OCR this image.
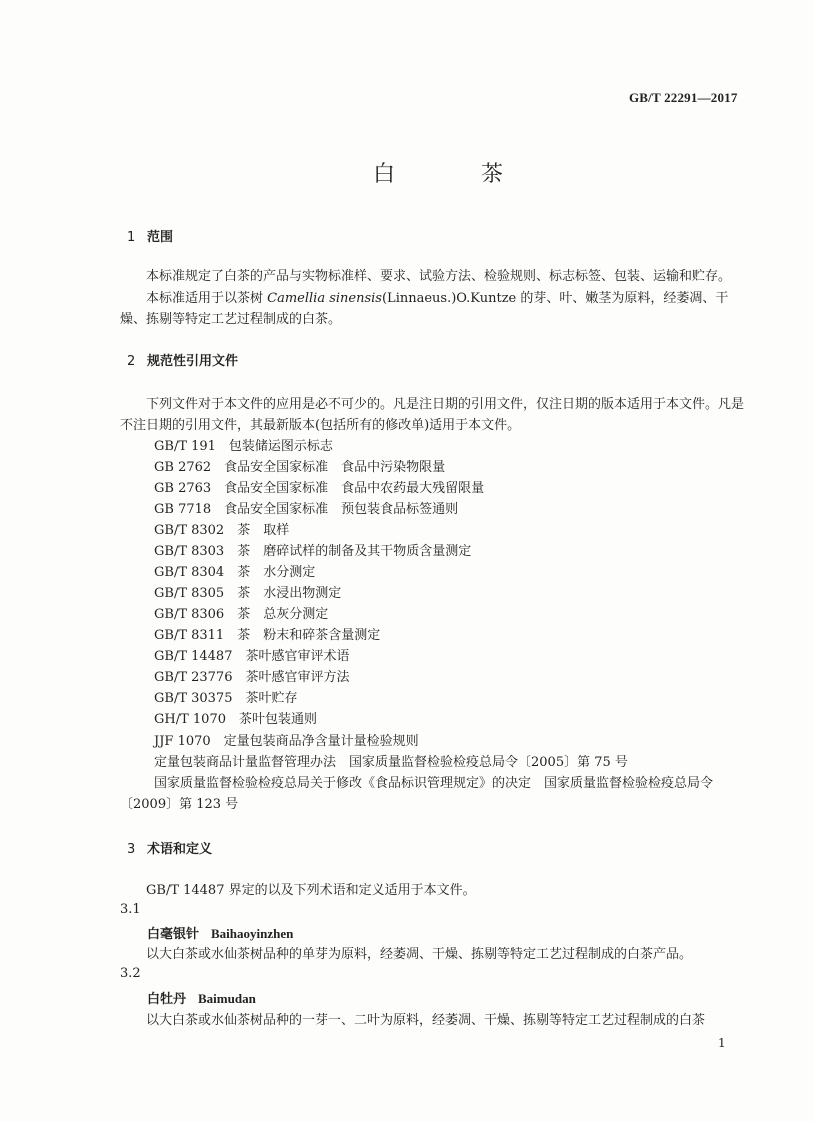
GB/T 22291—2017
白	茶
1 范围
本标准规定了白茶的产品与实物标准样、要求、试验方法、检验规则、标志标签、包装、运输和贮存。
本标准适用于以茶树 Camellia sinensis(Linnaeus.)O.Kuntze 的芽、叶、嫩茎为原料，经萎凋、干燥、拣剔等特定工艺过程制成的白茶。
2 规范性引用文件
下列文件对于本文件的应用是必不可少的。凡是注日期的引用文件，仅注日期的版本适用于本文件。凡是不注日期的引用文件，其最新版本(包括所有的修改单)适用于本文件。
GB/T 191　包装储运图示标志
GB 2762　食品安全国家标准　食品中污染物限量
GB 2763　食品安全国家标准　食品中农药最大残留限量
GB 7718　食品安全国家标准　预包装食品标签通则
GB/T 8302　茶　取样
GB/T 8303　茶　磨碎试样的制备及其干物质含量测定
GB/T 8304　茶　水分测定
GB/T 8305　茶　水浸出物测定
GB/T 8306　茶　总灰分测定
GB/T 8311　茶　粉末和碎茶含量测定
GB/T 14487　茶叶感官审评术语
GB/T 23776　茶叶感官审评方法
GB/T 30375　茶叶贮存
GH/T 1070　茶叶包装通则
JJF 1070　定量包装商品净含量计量检验规则
定量包装商品计量监督管理办法　国家质量监督检验检疫总局令〔2005〕第 75 号
国家质量监督检验检疫总局关于修改《食品标识管理规定》的决定　国家质量监督检验检疫总局令
〔2009〕第 123 号
3 术语和定义
GB/T 14487 界定的以及下列术语和定义适用于本文件。
3.1
白毫银针 Baihaoyinzhen
以大白茶或水仙茶树品种的单芽为原料，经萎凋、干燥、拣剔等特定工艺过程制成的白茶产品。
3.2
白牡丹 Baimudan
以大白茶或水仙茶树品种的一芽一、二叶为原料，经萎凋、干燥、拣剔等特定工艺过程制成的白茶
1
